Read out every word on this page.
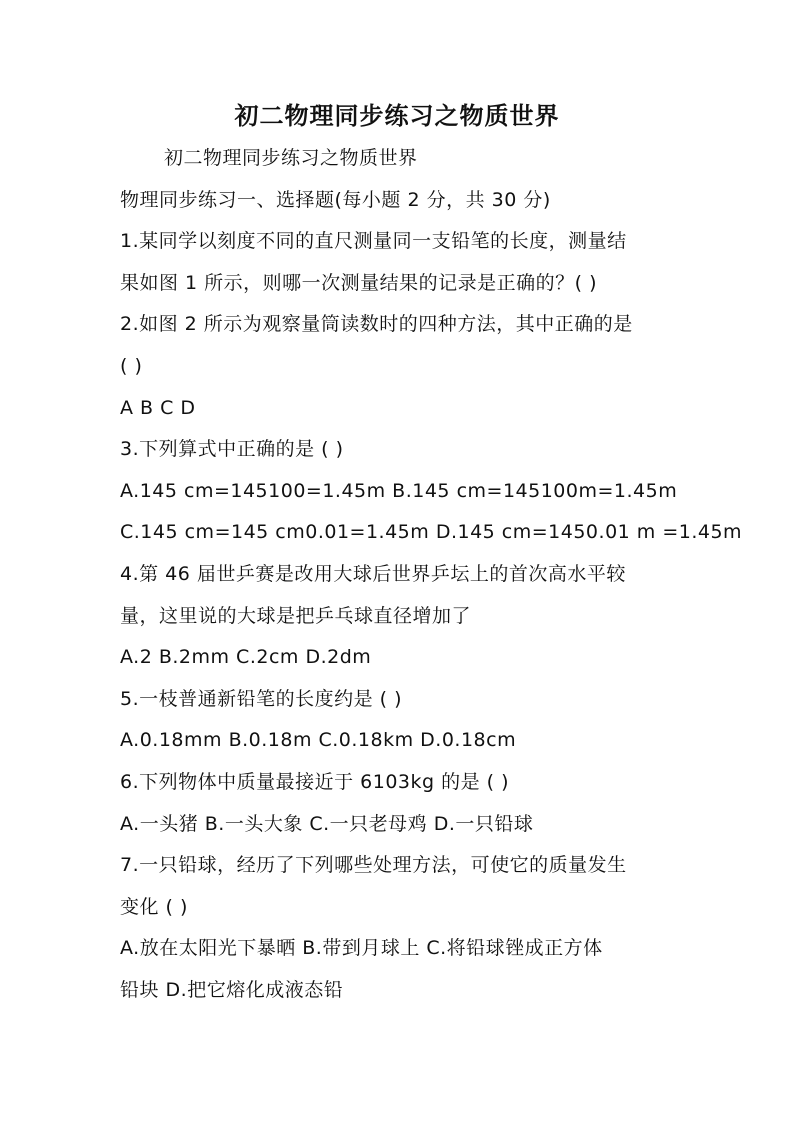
初二物理同步练习之物质世界
初二物理同步练习之物质世界
物理同步练习一、选择题(每小题 2 分，共 30 分)
1.某同学以刻度不同的直尺测量同一支铅笔的长度，测量结
果如图 1 所示，则哪一次测量结果的记录是正确的？( )
2.如图 2 所示为观察量筒读数时的四种方法，其中正确的是
( )
A B C D
3.下列算式中正确的是 ( )
A.145 cm=145100=1.45m B.145 cm=145100m=1.45m
C.145 cm=145 cm0.01=1.45m D.145 cm=1450.01 m =1.45m
4.第 46 届世乒赛是改用大球后世界乒坛上的首次高水平较
量，这里说的大球是把乒乓球直径增加了
A.2 B.2mm C.2cm D.2dm
5.一枝普通新铅笔的长度约是 ( )
A.0.18mm B.0.18m C.0.18km D.0.18cm
6.下列物体中质量最接近于 6103kg 的是 ( )
A.一头猪 B.一头大象 C.一只老母鸡 D.一只铅球
7.一只铅球，经历了下列哪些处理方法，可使它的质量发生
变化 ( )
A.放在太阳光下暴晒 B.带到月球上 C.将铅球锉成正方体
铅块 D.把它熔化成液态铅
